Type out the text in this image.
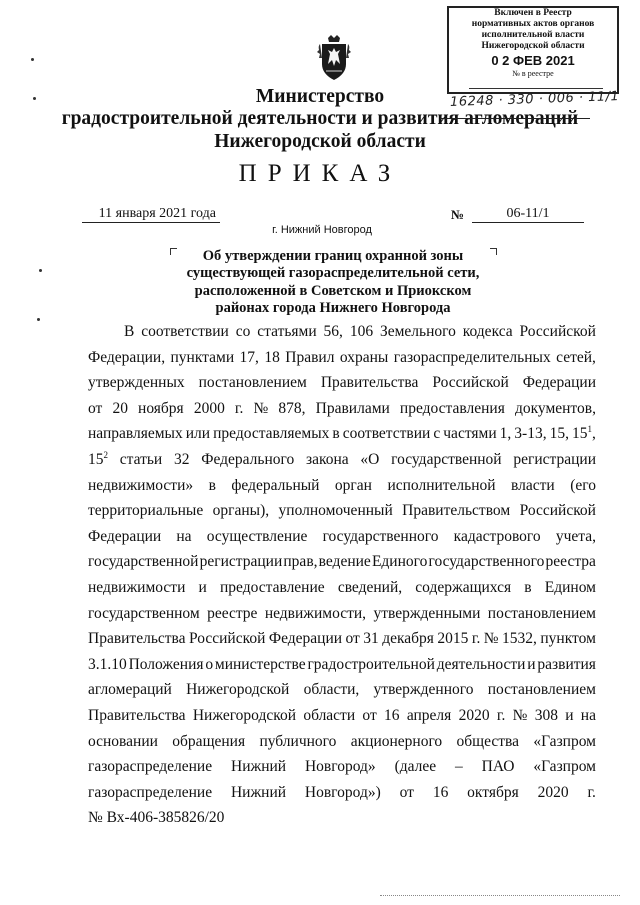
Включен в Реестр
нормативных актов органов
исполнительной власти
Нижегородской области
0 2 ФЕВ 2021
№ в реестре
16248 · 330 · 006 · 11/1
Министерство
градостроительной деятельности и развития агломераций
Нижегородской области
ПРИКАЗ
11 января 2021 года	№	06-11/1
г. Нижний Новгород
Об утверждении границ охранной зоны
существующей газораспределительной сети,
расположенной в Советском и Приокском
районах города Нижнего Новгорода
В соответствии со статьями 56, 106 Земельного кодекса Российской
Федерации, пунктами 17, 18 Правил охраны газораспределительных сетей,
утвержденных постановлением Правительства Российской Федерации
от 20 ноября 2000 г. № 878, Правилами предоставления документов,
направляемых или предоставляемых в соответствии с частями 1, 3-13, 15, $15^1$,
$15^2$ статьи 32 Федерального закона «О государственной регистрации
недвижимости» в федеральный орган исполнительной власти (его
территориальные органы), уполномоченный Правительством Российской
Федерации на осуществление государственного кадастрового учета,
государственной регистрации прав, ведение Единого государственного реестра
недвижимости и предоставление сведений, содержащихся в Едином
государственном реестре недвижимости, утвержденными постановлением
Правительства Российской Федерации от 31 декабря 2015 г. № 1532, пунктом
3.1.10 Положения о министерстве градостроительной деятельности и развития
агломераций Нижегородской области, утвержденного постановлением
Правительства Нижегородской области от 16 апреля 2020 г. № 308 и на
основании обращения публичного акционерного общества «Газпром
газораспределение Нижний Новгород» (далее – ПАО «Газпром
газораспределение Нижний Новгород») от 16 октября 2020 г.
№ Вх-406-385826/20
